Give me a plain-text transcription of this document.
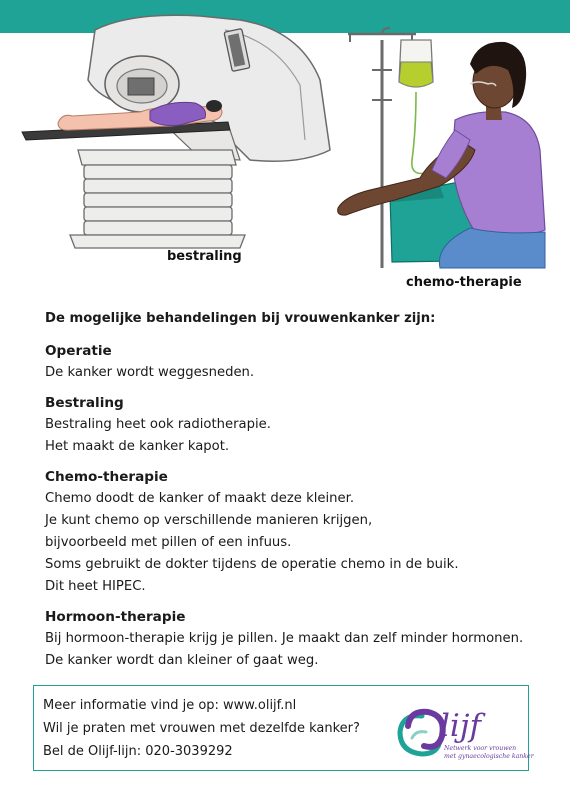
bestraling
chemo-therapie

De mogelijke behandelingen bij vrouwenkanker zijn:

Operatie

De kanker wordt weggesneden.

Bestraling

Bestraling heet ook radiotherapie.

Het maakt de kanker kapot.

Chemo-therapie

Chemo doodt de kanker of maakt deze kleiner.

Je kunt chemo op verschillende manieren krijgen,

bijvoorbeeld met pillen of een infuus.

Soms gebruikt de dokter tijdens de operatie chemo in de buik.

Dit heet HIPEC.

Hormoon-therapie

Bij hormoon-therapie krijg je pillen. Je maakt dan zelf minder hormonen.

De kanker wordt dan kleiner of gaat weg.

Meer informatie vind je op: www.olijf.nl
Wil je praten met vrouwen met dezelfde kanker?
Bel de Olijf-lijn: 020-3039292
lijf
Netwerk voor vrouwen
met gynaecologische kanker
